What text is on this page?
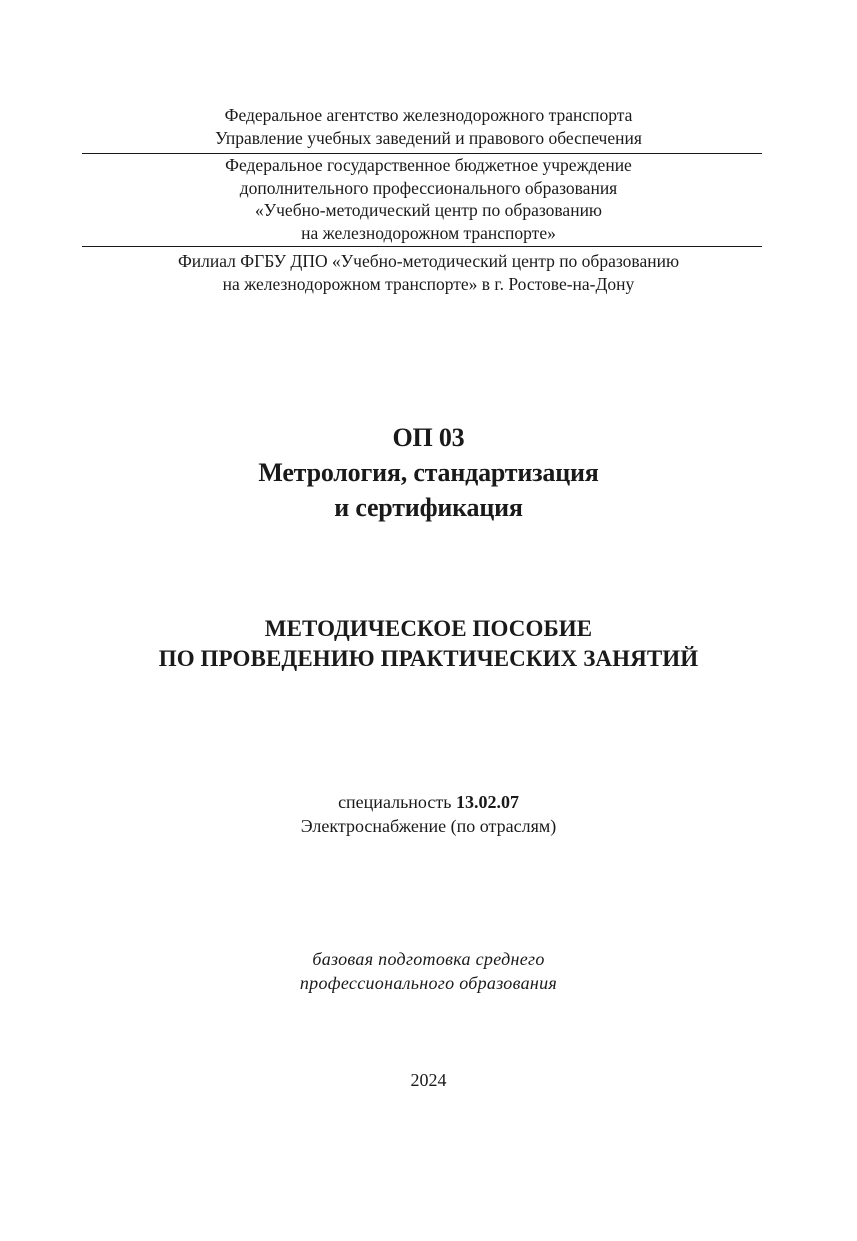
Федеральное агентство железнодорожного транспорта
Управление учебных заведений и правового обеспечения
Федеральное государственное бюджетное учреждение
дополнительного профессионального образования
«Учебно-методический центр по образованию
на железнодорожном транспорте»
Филиал ФГБУ ДПО «Учебно-методический центр по образованию
на железнодорожном транспорте» в г. Ростове-на-Дону
ОП 03
Метрология, стандартизация
и сертификация
МЕТОДИЧЕСКОЕ ПОСОБИЕ
ПО ПРОВЕДЕНИЮ ПРАКТИЧЕСКИХ ЗАНЯТИЙ
специальность 13.02.07
Электроснабжение (по отраслям)
базовая подготовка среднего
профессионального образования
2024
